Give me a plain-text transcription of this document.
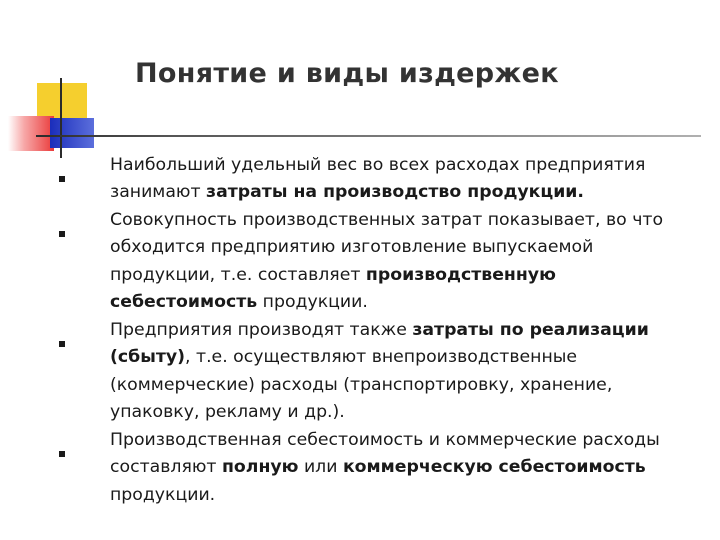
Понятие и виды издержек

Наибольший удельный вес во всех расходах предприятия занимают затраты на производство продукции.

Совокупность производственных затрат показывает, во что обходится предприятию изготовление выпускаемой продукции, т.е. составляет производственную себестоимость продукции.

Предприятия производят также затраты по реализации (сбыту), т.е. осуществляют внепроизводственные (коммерческие) расходы (транспортировку, хранение, упаковку, рекламу и др.).

Производственная себестоимость и коммерческие расходы составляют полную или коммерческую себестоимость продукции.
